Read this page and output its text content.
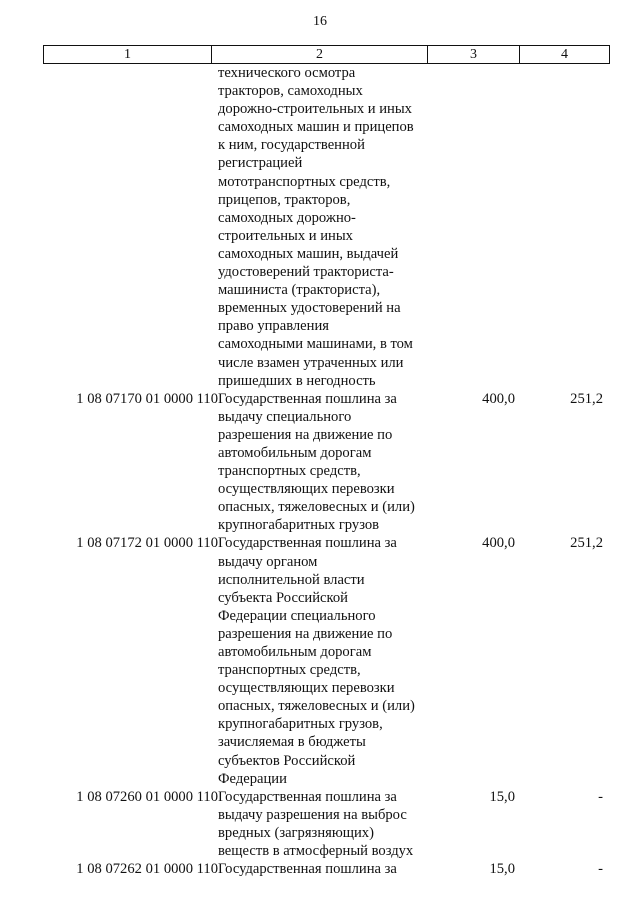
16
1	2	3	4
технического осмотра
тракторов, самоходных
дорожно-строительных и иных
самоходных машин и прицепов
к ним, государственной
регистрацией
мототранспортных средств,
прицепов, тракторов,
самоходных дорожно-
строительных и иных
самоходных машин, выдачей
удостоверений тракториста-
машиниста (тракториста),
временных удостоверений на
право управления
самоходными машинами, в том
числе взамен утраченных или
пришедших в негодность
1 08 07170 01 0000 110 Государственная пошлина за
выдачу специального
разрешения на движение по
автомобильным дорогам
транспортных средств,
осуществляющих перевозки
опасных, тяжеловесных и (или)
крупногабаритных грузов
400,0	251,2
1 08 07172 01 0000 110 Государственная пошлина за
выдачу органом
исполнительной власти
субъекта Российской
Федерации специального
разрешения на движение по
автомобильным дорогам
транспортных средств,
осуществляющих перевозки
опасных, тяжеловесных и (или)
крупногабаритных грузов,
зачисляемая в бюджеты
субъектов Российской
Федерации
400,0	251,2
1 08 07260 01 0000 110 Государственная пошлина за
выдачу разрешения на выброс
вредных (загрязняющих)
веществ в атмосферный воздух
15,0	-
1 08 07262 01 0000 110 Государственная пошлина за	15,0	-
